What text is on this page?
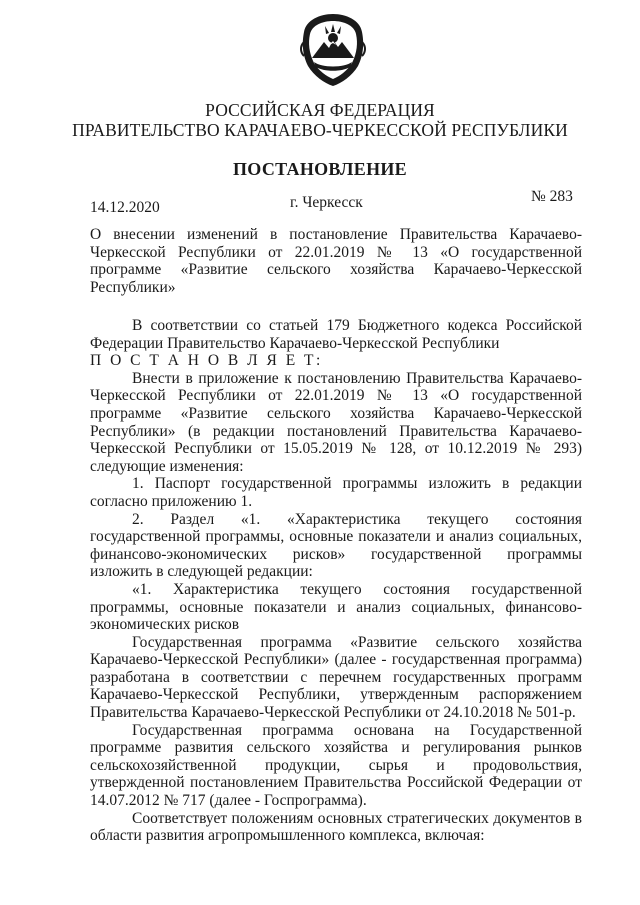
РОССИЙСКАЯ ФЕДЕРАЦИЯ
ПРАВИТЕЛЬСТВО КАРАЧАЕВО-ЧЕРКЕССКОЙ РЕСПУБЛИКИ
ПОСТАНОВЛЕНИЕ
14.12.2020	г. Черкесск	№ 283
О внесении изменений в постановление Правительства Карачаево-Черкесской Республики от 22.01.2019 № 13 «О государственной программе «Развитие сельского хозяйства Карачаево-Черкесской Республики»

В соответствии со статьей 179 Бюджетного кодекса Российской Федерации Правительство Карачаево-Черкесской Республики

П О С Т А Н О В Л Я Е Т:

Внести в приложение к постановлению Правительства Карачаево-Черкесской Республики от 22.01.2019 № 13 «О государственной программе «Развитие сельского хозяйства Карачаево-Черкесской Республики» (в редакции постановлений Правительства Карачаево-Черкесской Республики от 15.05.2019 № 128, от 10.12.2019 № 293) следующие изменения:

1. Паспорт государственной программы изложить в редакции согласно приложению 1.

2. Раздел «1. «Характеристика текущего состояния государственной программы, основные показатели и анализ социальных, финансово-экономических рисков» государственной программы изложить в следующей редакции:

«1. Характеристика текущего состояния государственной программы, основные показатели и анализ социальных, финансово-экономических рисков

Государственная программа «Развитие сельского хозяйства Карачаево-Черкесской Республики» (далее - государственная программа) разработана в соответствии с перечнем государственных программ Карачаево-Черкесской Республики, утвержденным распоряжением Правительства Карачаево-Черкесской Республики от 24.10.2018 № 501-р.

Государственная программа основана на Государственной программе развития сельского хозяйства и регулирования рынков сельскохозяйственной продукции, сырья и продовольствия, утвержденной постановлением Правительства Российской Федерации от 14.07.2012 № 717 (далее - Госпрограмма).

Соответствует положениям основных стратегических документов в области развития агропромышленного комплекса, включая:
